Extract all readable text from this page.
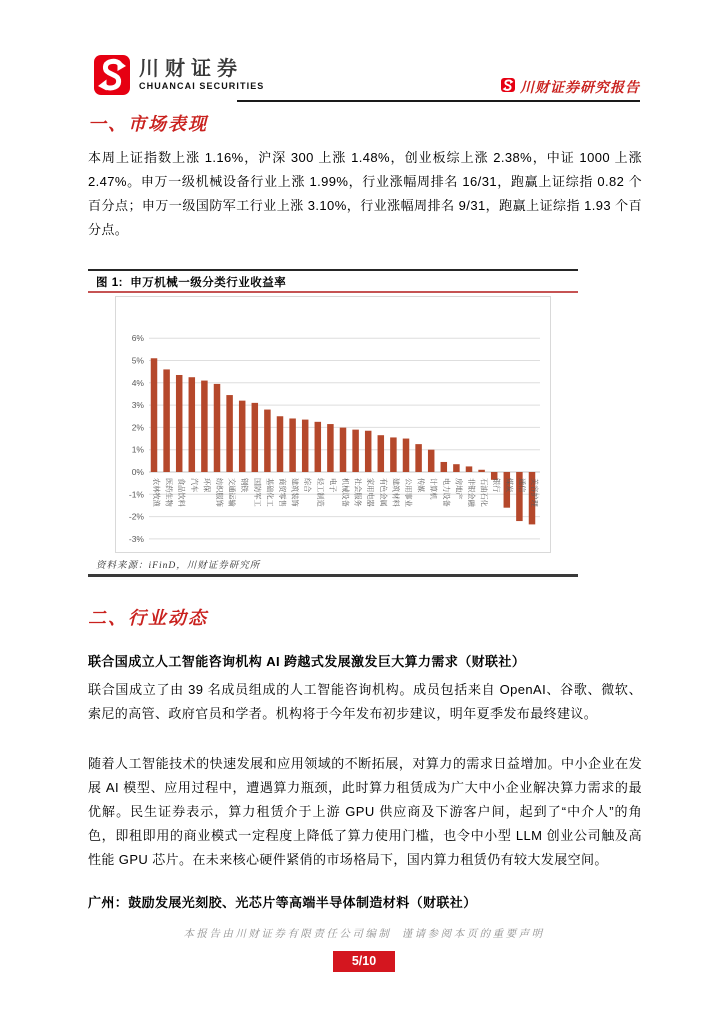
川财证券
CHUANCAI SECURITIES	川财证券研究报告
一、市场表现
本周上证指数上涨 1.16%，沪深 300 上涨 1.48%，创业板综上涨 2.38%，中证 1000 上涨 2.47%。申万一级机械设备行业上涨 1.99%，行业涨幅周排名 16/31，跑赢上证综指 0.82 个百分点；申万一级国防军工行业上涨 3.10%，行业涨幅周排名 9/31，跑赢上证综指 1.93 个百分点。
图 1:  申万机械一级分类行业收益率
6%
5%
4%
3%
2%
1%
0%
-1%
-2%
-3%
农林牧渔 医药生物 食品饮料 汽车 环保 纺织服饰 交通运输 钢铁 国防军工 基础化工 商贸零售 建筑装饰 综合 轻工制造 电子 机械设备 社会服务 家用电器 有色金属 建筑材料 公用事业 传媒 计算机 电力设备 房地产 非银金融 石油石化 银行 煤炭 通信 美容护理
资料来源：iFinD，川财证券研究所
二、行业动态
联合国成立人工智能咨询机构 AI 跨越式发展激发巨大算力需求（财联社）
联合国成立了由 39 名成员组成的人工智能咨询机构。成员包括来自 OpenAI、谷歌、微软、索尼的高管、政府官员和学者。机构将于今年发布初步建议，明年夏季发布最终建议。
随着人工智能技术的快速发展和应用领域的不断拓展，对算力的需求日益增加。中小企业在发展 AI 模型、应用过程中，遭遇算力瓶颈，此时算力租赁成为广大中小企业解决算力需求的最优解。民生证券表示，算力租赁介于上游 GPU 供应商及下游客户间，起到了“中介人”的角色，即租即用的商业模式一定程度上降低了算力使用门槛，也令中小型 LLM 创业公司触及高性能 GPU 芯片。在未来核心硬件紧俏的市场格局下，国内算力租赁仍有较大发展空间。
广州：鼓励发展光刻胶、光芯片等高端半导体制造材料（财联社）
本报告由川财证券有限责任公司编制  谨请参阅本页的重要声明
5/10
